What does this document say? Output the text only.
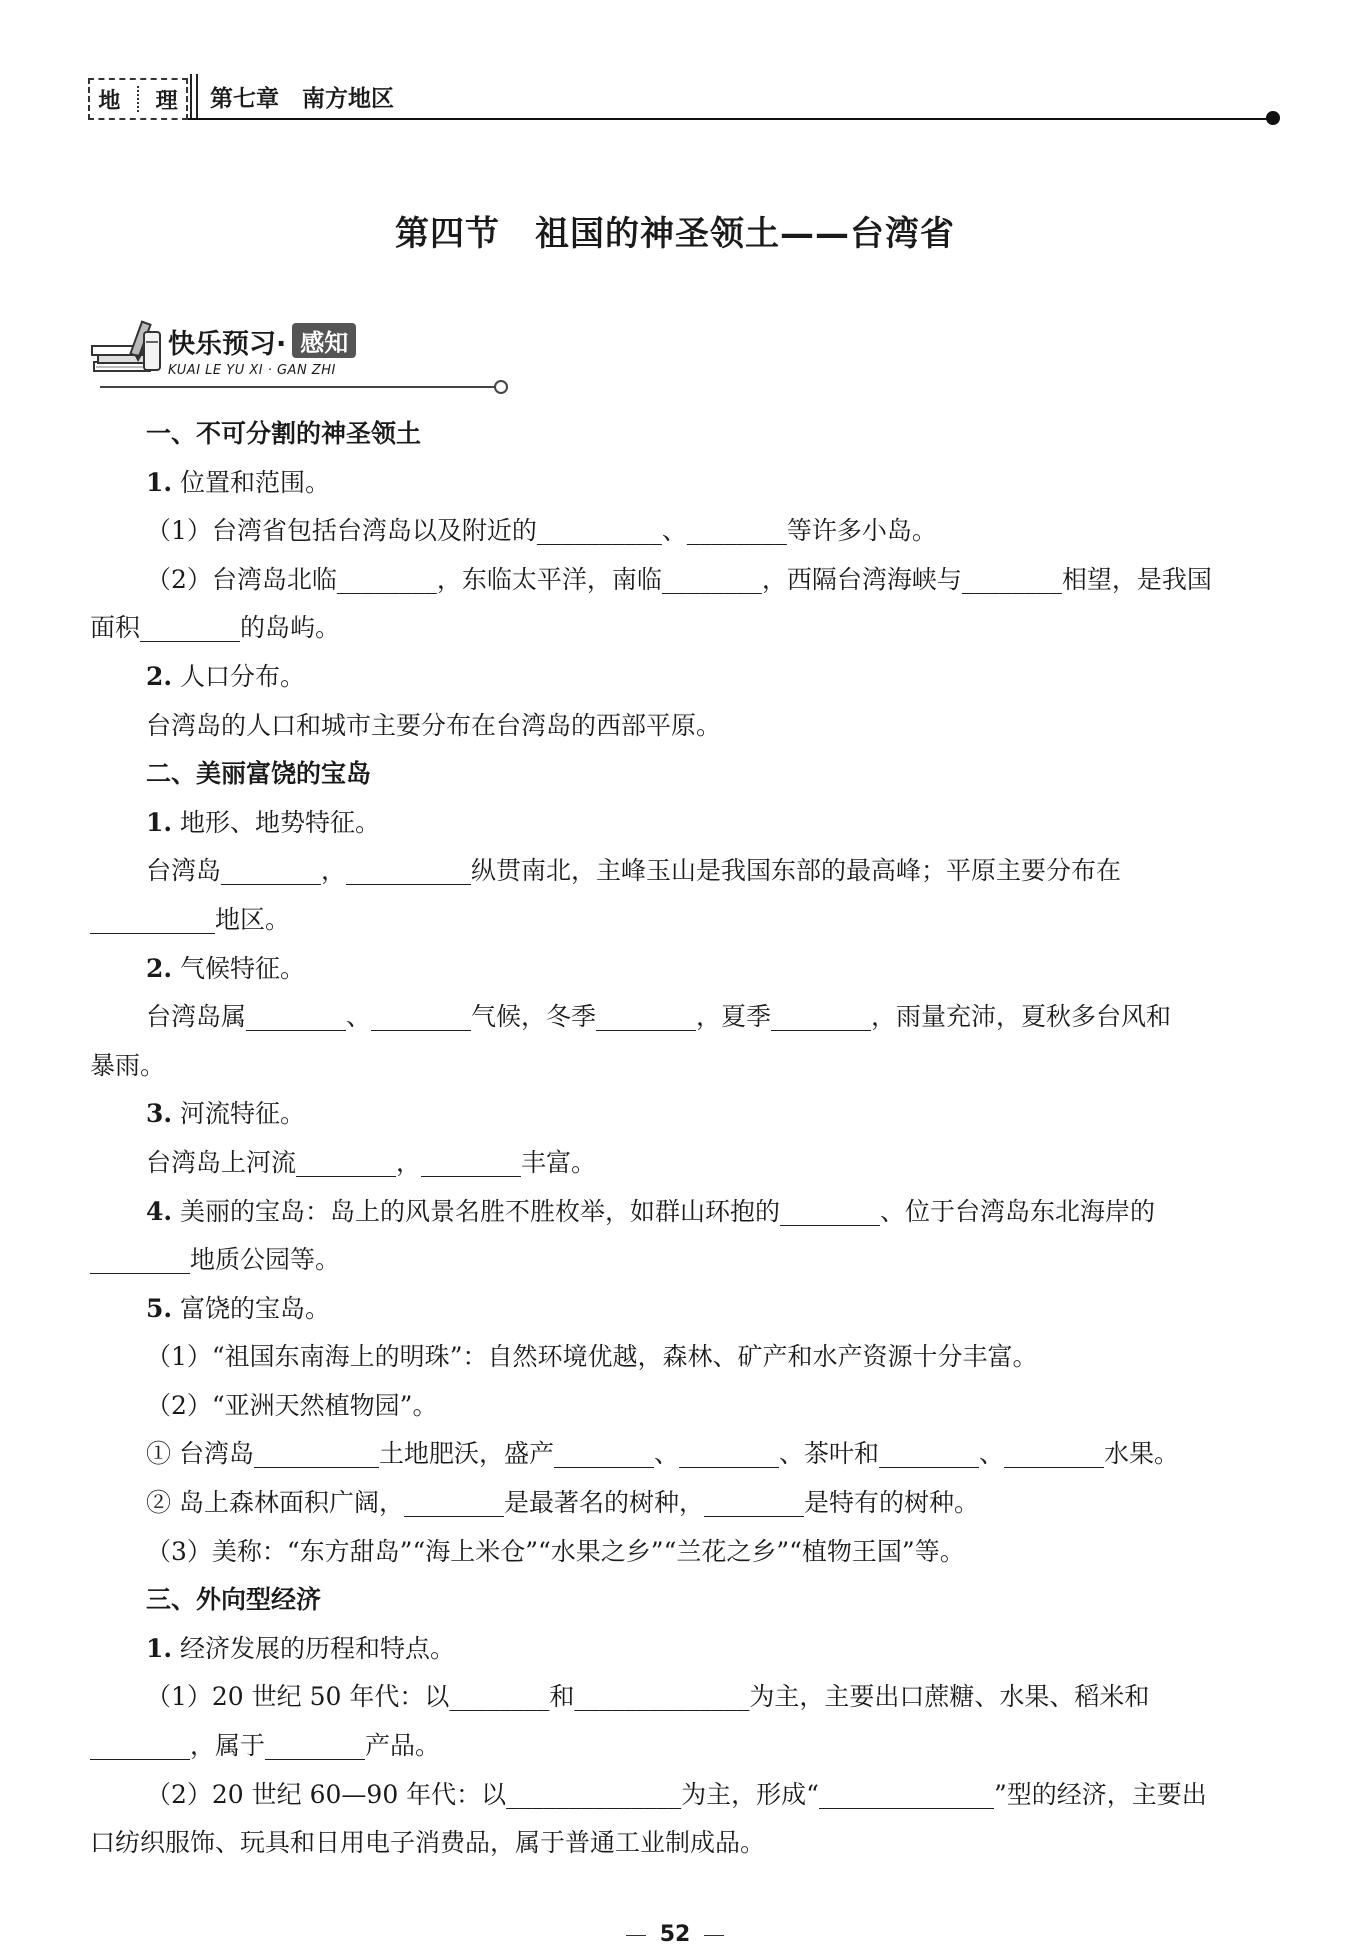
地 理 第七章　南方地区
第四节　祖国的神圣领土——台湾省
快乐预习· 感知
KUAI LE YU XI · GAN ZHI

一、不可分割的神圣领土

1. 位置和范围。

（1）台湾省包括台湾岛以及附近的__________、________等许多小岛。

（2）台湾岛北临________，东临太平洋，南临________，西隔台湾海峡与________相望，是我国

面积________的岛屿。

2. 人口分布。

台湾岛的人口和城市主要分布在台湾岛的西部平原。

二、美丽富饶的宝岛

1. 地形、地势特征。

台湾岛________，__________纵贯南北，主峰玉山是我国东部的最高峰；平原主要分布在

__________地区。

2. 气候特征。

台湾岛属________、________气候，冬季________，夏季________，雨量充沛，夏秋多台风和

暴雨。

3. 河流特征。

台湾岛上河流________，________丰富。

4. 美丽的宝岛：岛上的风景名胜不胜枚举，如群山环抱的________、位于台湾岛东北海岸的

________地质公园等。

5. 富饶的宝岛。

（1）“祖国东南海上的明珠”：自然环境优越，森林、矿产和水产资源十分丰富。

（2）“亚洲天然植物园”。

① 台湾岛__________土地肥沃，盛产________、________、茶叶和________、________水果。

② 岛上森林面积广阔，________是最著名的树种，________是特有的树种。

（3）美称：“东方甜岛”“海上米仓”“水果之乡”“兰花之乡”“植物王国”等。

三、外向型经济

1. 经济发展的历程和特点。

（1）20 世纪 50 年代：以________和______________为主，主要出口蔗糖、水果、稻米和

________，属于________产品。

（2）20 世纪 60—90 年代：以______________为主，形成“______________”型的经济，主要出

口纺织服饰、玩具和日用电子消费品，属于普通工业制成品。

52
